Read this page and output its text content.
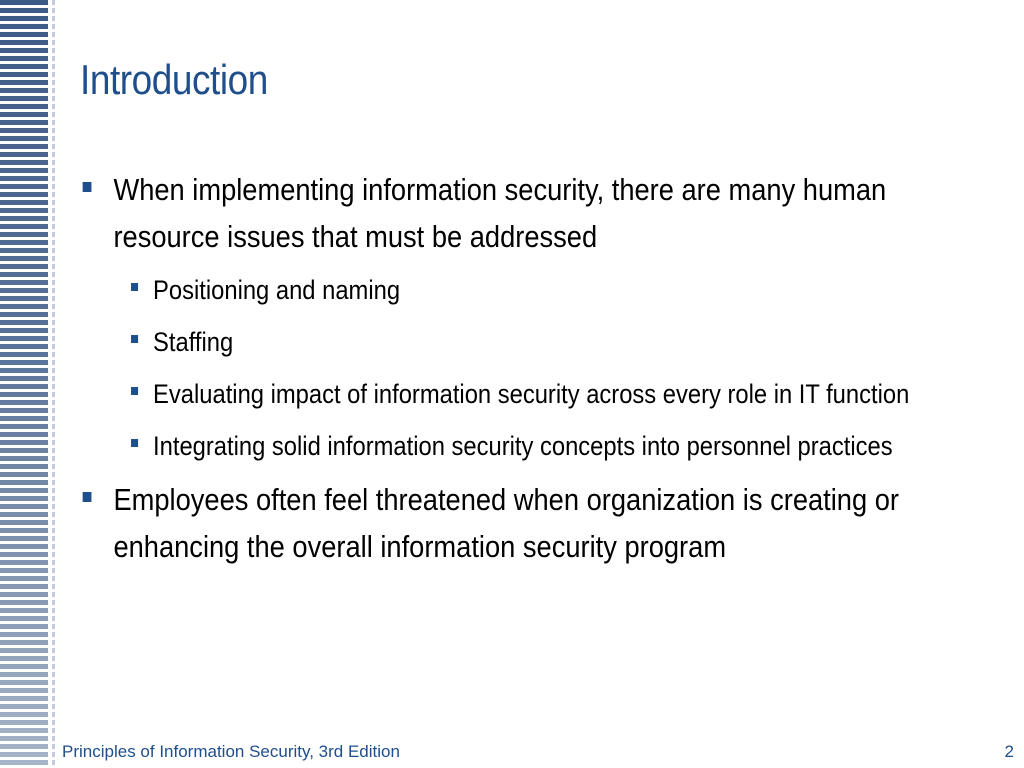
Introduction
When implementing information security, there are many human resource issues that must be addressed
Positioning and naming
Staffing
Evaluating impact of information security across every role in IT function
Integrating solid information security concepts into personnel practices
Employees often feel threatened when organization is creating or enhancing the overall information security program
Principles of Information Security, 3rd Edition	2
